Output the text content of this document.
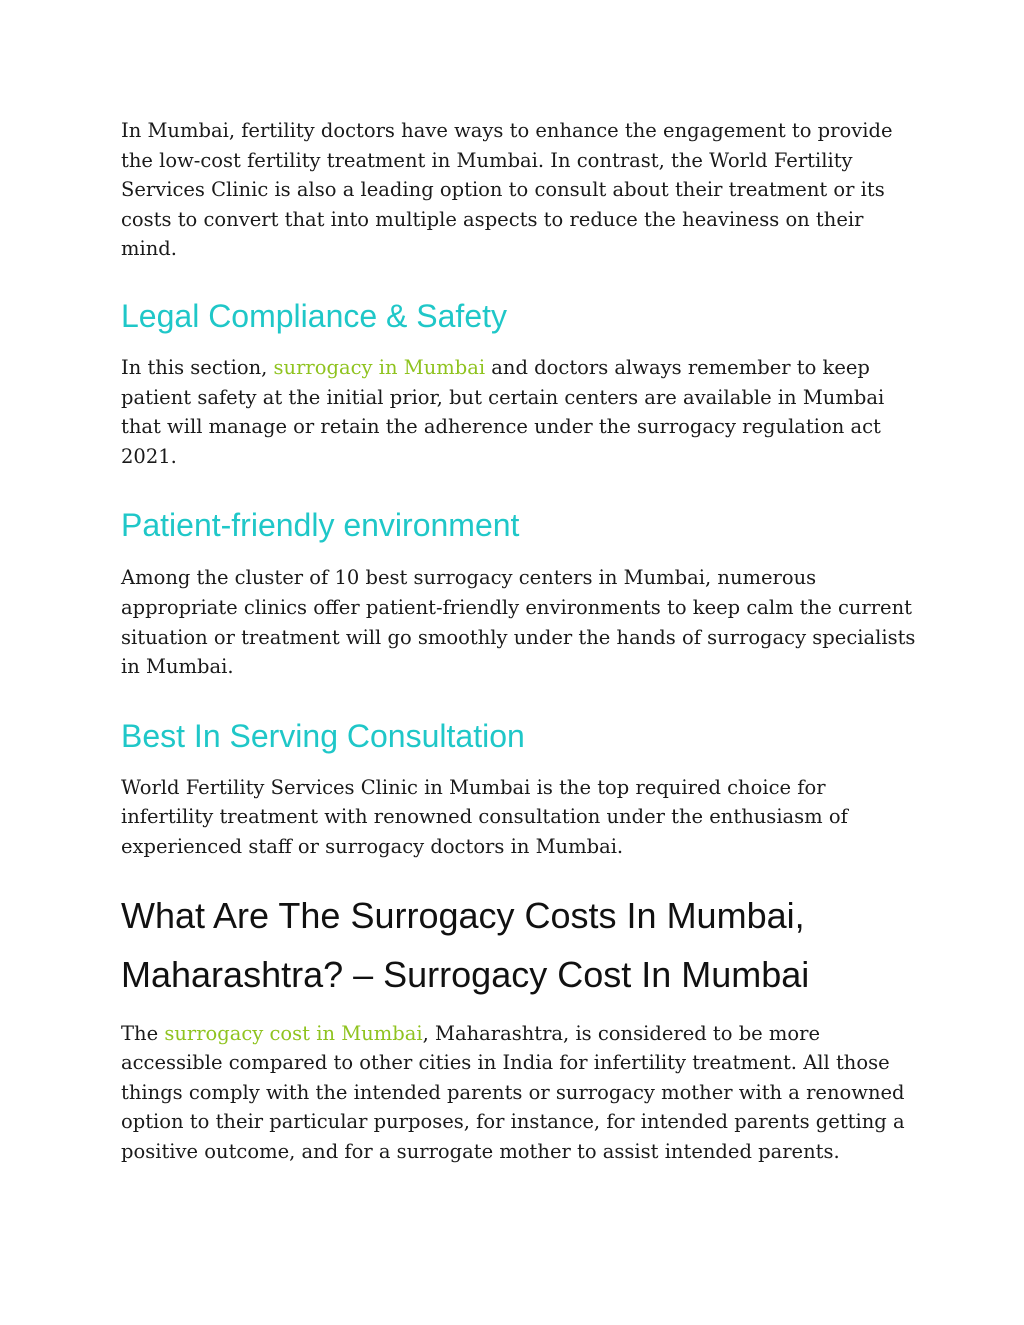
In Mumbai, fertility doctors have ways to enhance the engagement to provide the low-cost fertility treatment in Mumbai. In contrast, the World Fertility Services Clinic is also a leading option to consult about their treatment or its costs to convert that into multiple aspects to reduce the heaviness on their mind.

Legal Compliance & Safety

In this section, surrogacy in Mumbai and doctors always remember to keep patient safety at the initial prior, but certain centers are available in Mumbai that will manage or retain the adherence under the surrogacy regulation act 2021.

Patient-friendly environment

Among the cluster of 10 best surrogacy centers in Mumbai, numerous appropriate clinics offer patient-friendly environments to keep calm the current situation or treatment will go smoothly under the hands of surrogacy specialists in Mumbai.

Best In Serving Consultation

World Fertility Services Clinic in Mumbai is the top required choice for infertility treatment with renowned consultation under the enthusiasm of experienced staff or surrogacy doctors in Mumbai.

What Are The Surrogacy Costs In Mumbai, Maharashtra? – Surrogacy Cost In Mumbai

The surrogacy cost in Mumbai, Maharashtra, is considered to be more accessible compared to other cities in India for infertility treatment. All those things comply with the intended parents or surrogacy mother with a renowned option to their particular purposes, for instance, for intended parents getting a positive outcome, and for a surrogate mother to assist intended parents.
